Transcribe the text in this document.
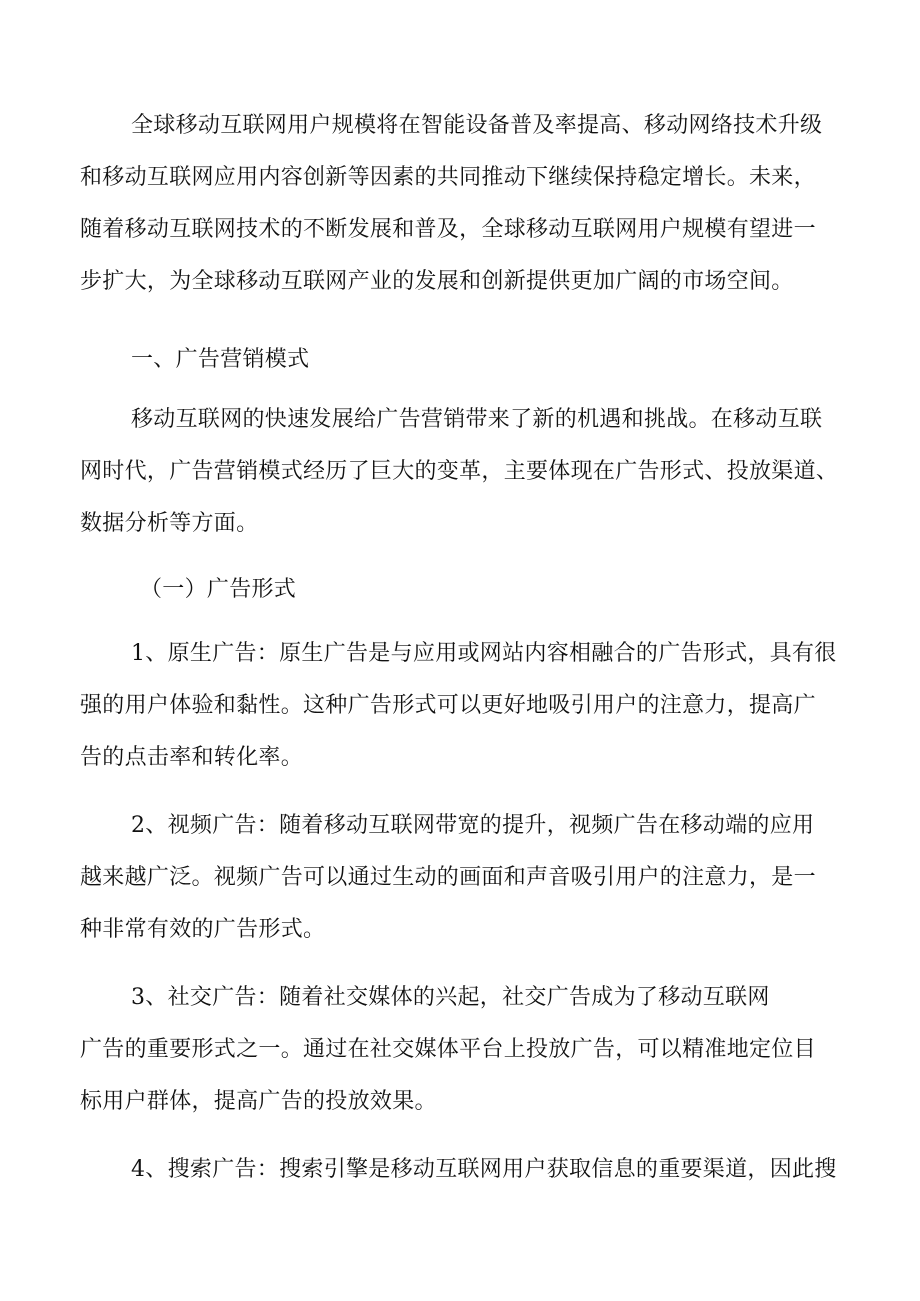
全球移动互联网用户规模将在智能设备普及率提高、移动网络技术升级
和移动互联网应用内容创新等因素的共同推动下继续保持稳定增长。未来，
随着移动互联网技术的不断发展和普及，全球移动互联网用户规模有望进一
步扩大，为全球移动互联网产业的发展和创新提供更加广阔的市场空间。
一、广告营销模式
移动互联网的快速发展给广告营销带来了新的机遇和挑战。在移动互联
网时代，广告营销模式经历了巨大的变革，主要体现在广告形式、投放渠道、
数据分析等方面。
（一）广告形式
1、原生广告：原生广告是与应用或网站内容相融合的广告形式，具有很
强的用户体验和黏性。这种广告形式可以更好地吸引用户的注意力，提高广
告的点击率和转化率。
2、视频广告：随着移动互联网带宽的提升，视频广告在移动端的应用
越来越广泛。视频广告可以通过生动的画面和声音吸引用户的注意力，是一
种非常有效的广告形式。
3、社交广告：随着社交媒体的兴起，社交广告成为了移动互联网
广告的重要形式之一。通过在社交媒体平台上投放广告，可以精准地定位目
标用户群体，提高广告的投放效果。
4、搜索广告：搜索引擎是移动互联网用户获取信息的重要渠道，因此搜
